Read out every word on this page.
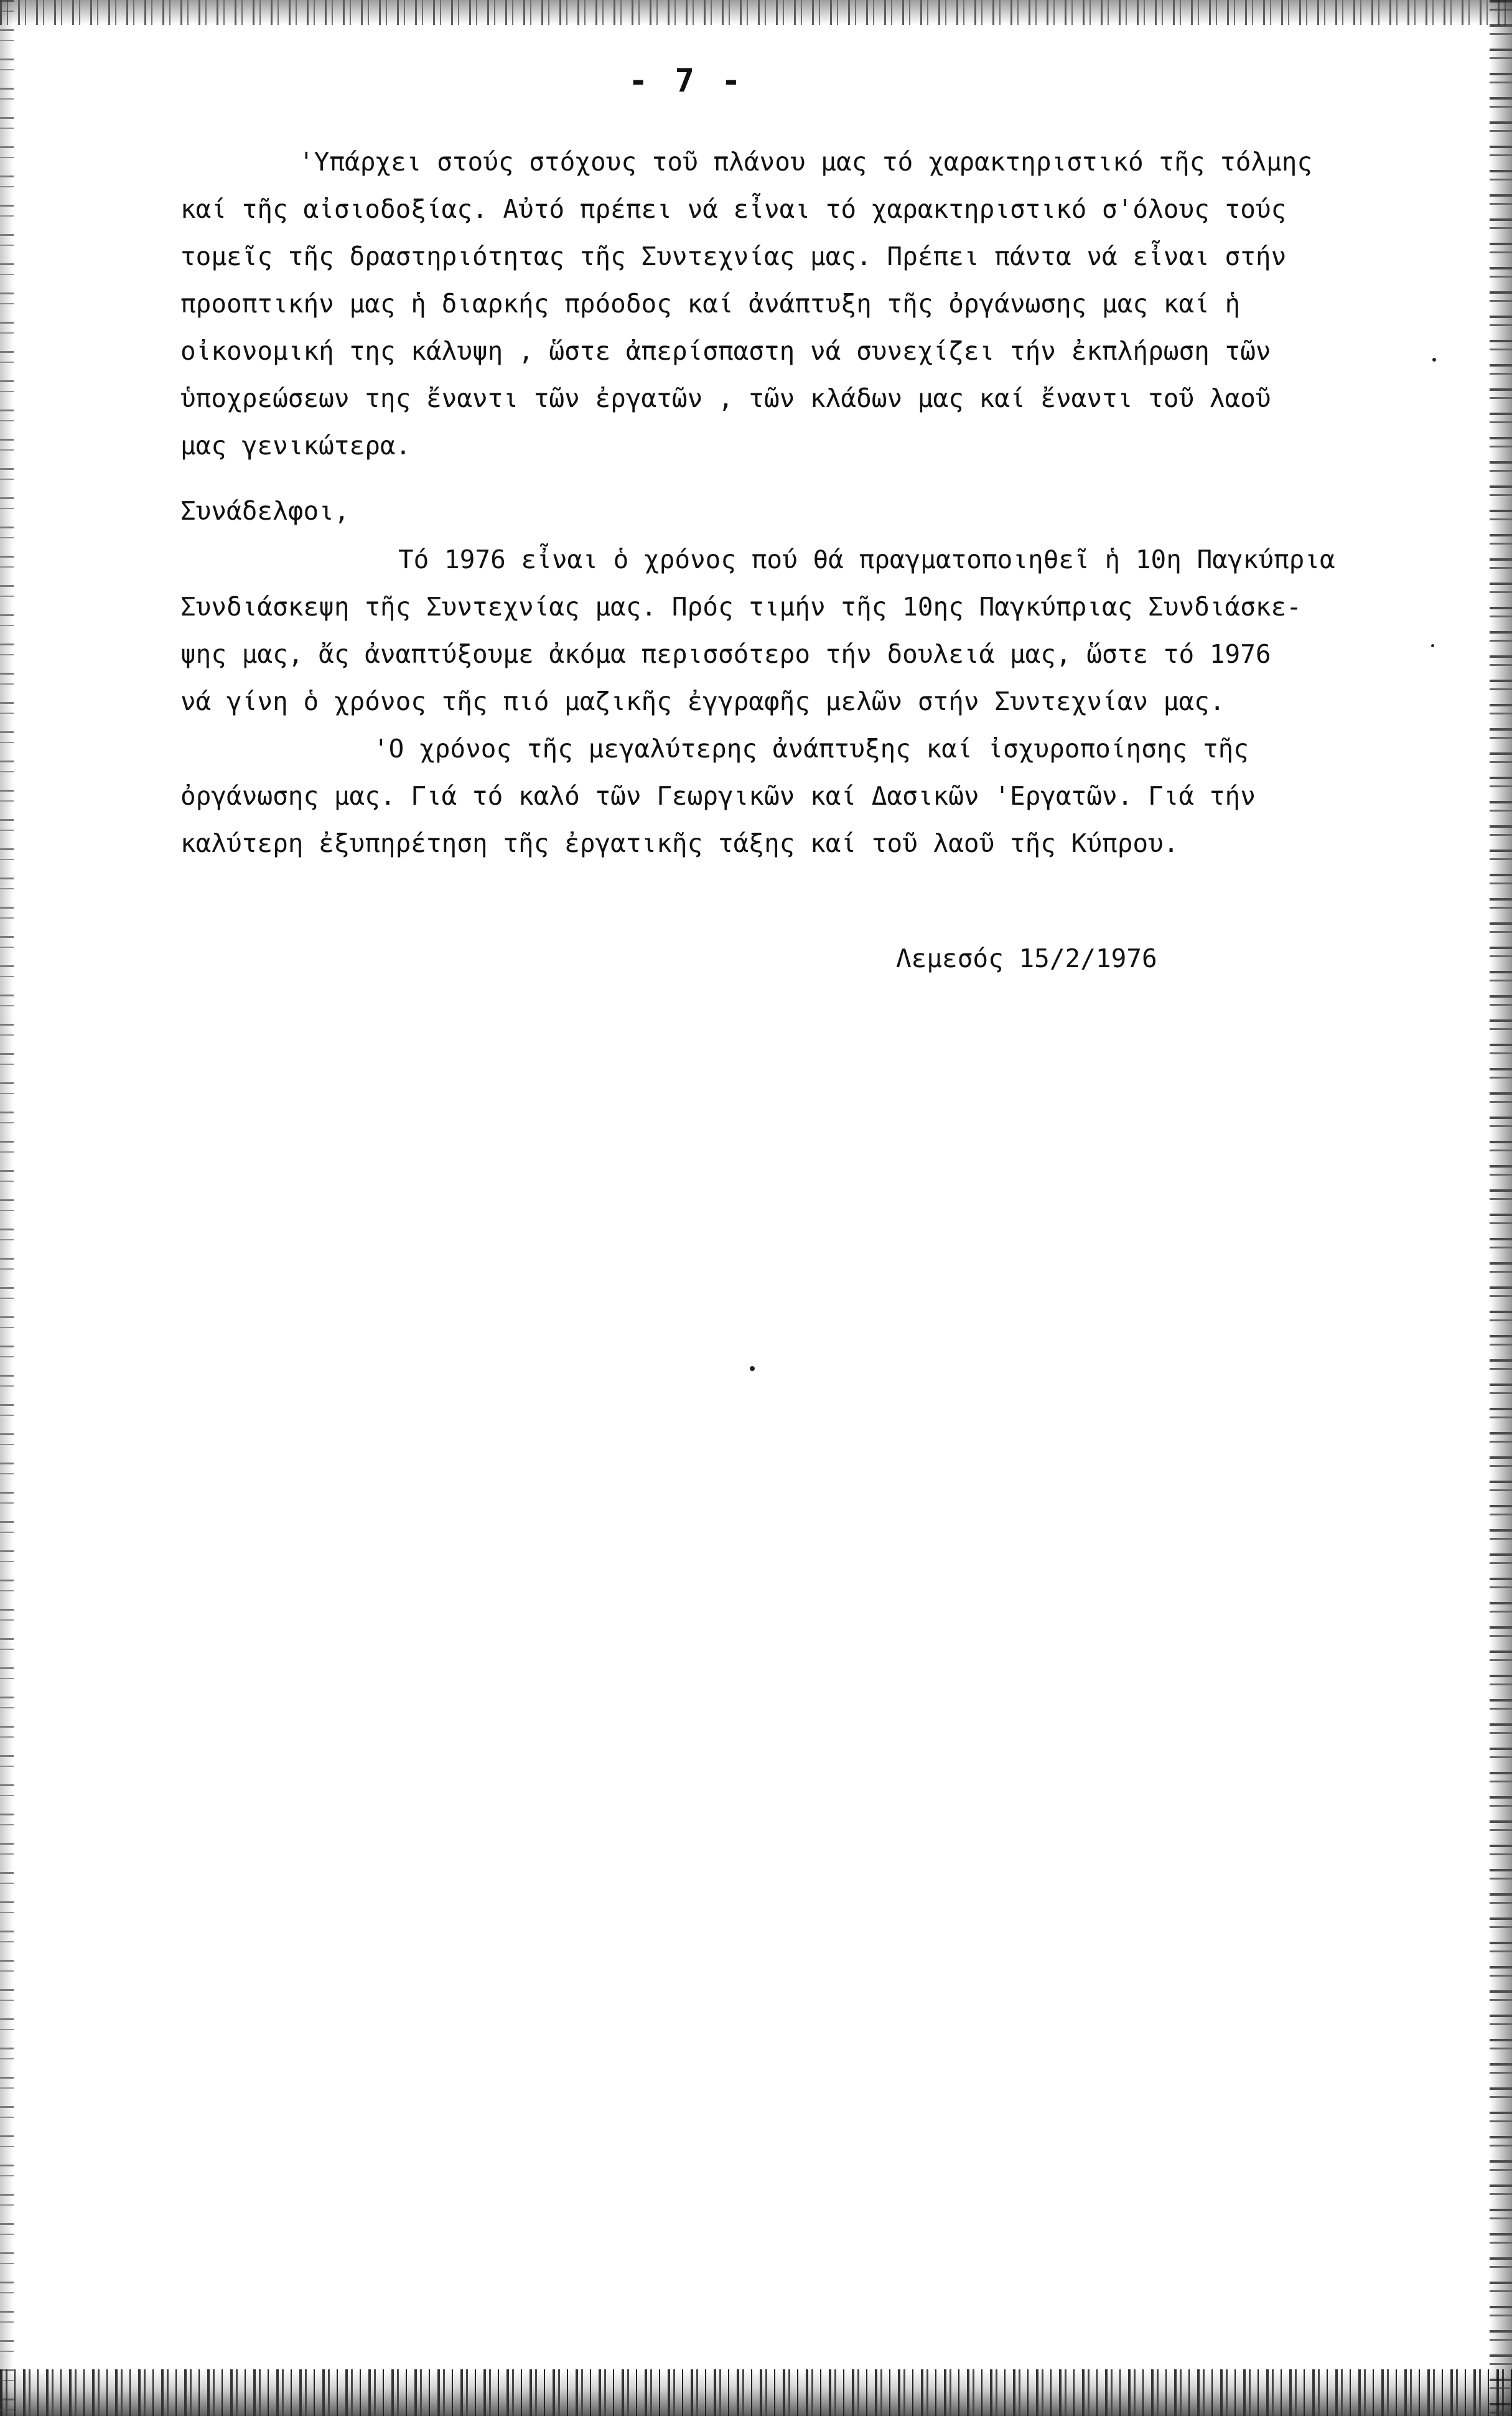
- 7 -
'Υπάρχει στούς στόχους τοῦ πλάνου μας τό χαρακτηριστικό τῆς τόλμης
καί τῆς αἰσιοδοξίας. Αὐτό πρέπει νά εἶναι τό χαρακτηριστικό σ'όλους τούς
τομεῖς τῆς δραστηριότητας τῆς Συντεχνίας μας. Πρέπει πάντα νά εἶναι στήν
προοπτικήν μας ἡ διαρκής πρόοδος καί ἀνάπτυξη τῆς ὀργάνωσης μας καί ἡ
οἰκονομική της κάλυψη , ὥστε ἀπερίσπαστη νά συνεχίζει τήν ἐκπλήρωση τῶν
ὑποχρεώσεων της ἔναντι τῶν ἐργατῶν , τῶν κλάδων μας καί ἔναντι τοῦ λαοῦ
μας γενικώτερα.
Συνάδελφοι,
Τό 1976 εἶναι ὁ χρόνος πού θά πραγματοποιηθεῖ ἡ 10η Παγκύπρια
Συνδιάσκεψη τῆς Συντεχνίας μας. Πρός τιμήν τῆς 10ης Παγκύπριας Συνδιάσκε-
ψης μας, ἄς ἀναπτύξουμε ἀκόμα περισσότερο τήν δουλειά μας, ὥστε τό 1976
νά γίνη ὁ χρόνος τῆς πιό μαζικῆς ἐγγραφῆς μελῶν στήν Συντεχνίαν μας.
'Ο χρόνος τῆς μεγαλύτερης ἀνάπτυξης καί ἰσχυροποίησης τῆς
ὀργάνωσης μας. Γιά τό καλό τῶν Γεωργικῶν καί Δασικῶν 'Εργατῶν. Γιά τήν
καλύτερη ἐξυπηρέτηση τῆς ἐργατικῆς τάξης καί τοῦ λαοῦ τῆς Κύπρου.
Λεμεσός 15/2/1976
